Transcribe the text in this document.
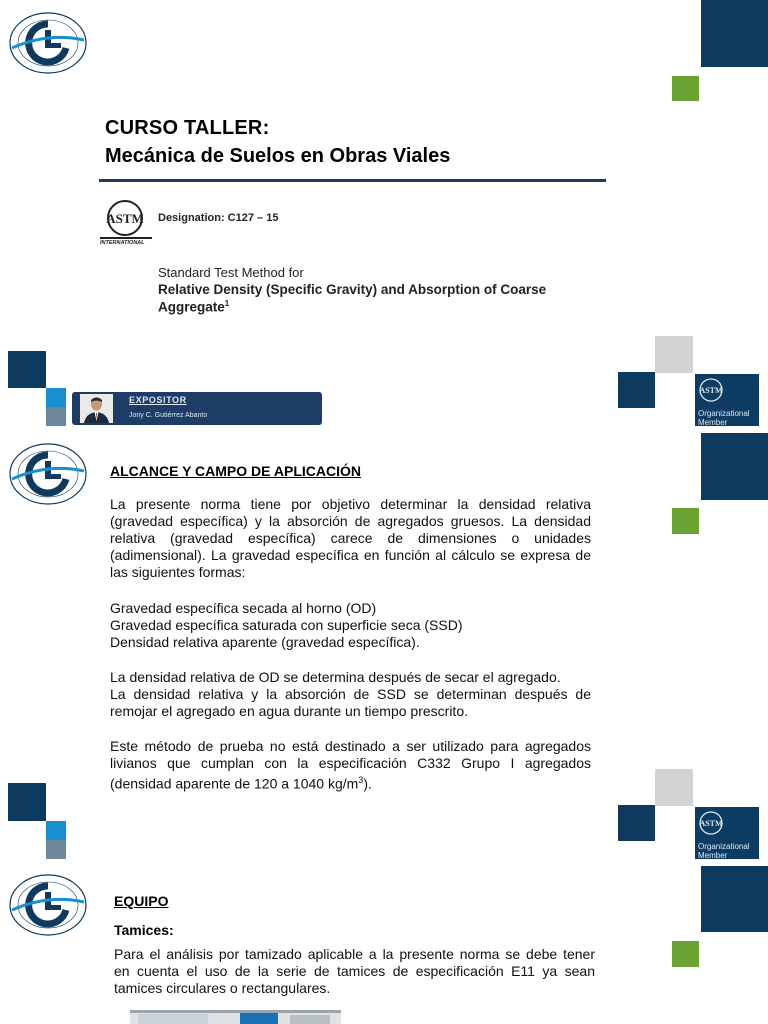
CURSO TALLER:
Mecánica de Suelos en Obras Viales
ASTM
INTERNATIONAL
Designation: C127 – 15
Standard Test Method for
Relative Density (Specific Gravity) and Absorption of Coarse
Aggregate$^1$
EXPOSITOR
Jony C. Gutiérrez Abanto
ASTM
Organizational
Member
ALCANCE Y CAMPO DE APLICACIÓN
La presente norma tiene por objetivo determinar la densidad relativa
(gravedad específica) y la absorción de agregados gruesos. La densidad
relativa (gravedad específica) carece de dimensiones o unidades
(adimensional). La gravedad específica en función al cálculo se expresa de
las siguientes formas:
Gravedad específica secada al horno (OD)
Gravedad específica saturada con superficie seca (SSD)
Densidad relativa aparente (gravedad específica).
La densidad relativa de OD se determina después de secar el agregado.
La densidad relativa y la absorción de SSD se determinan después de
remojar el agregado en agua durante un tiempo prescrito.
Este método de prueba no está destinado a ser utilizado para agregados
livianos que cumplan con la especificación C332 Grupo I agregados
(densidad aparente de 120 a 1040 $kg/m^3$).
ASTM
Organizational
Member
EQUIPO
Tamices:
Para el análisis por tamizado aplicable a la presente norma se debe tener
en cuenta el uso de la serie de tamices de especificación E11 ya sean
tamices circulares o rectangulares.
